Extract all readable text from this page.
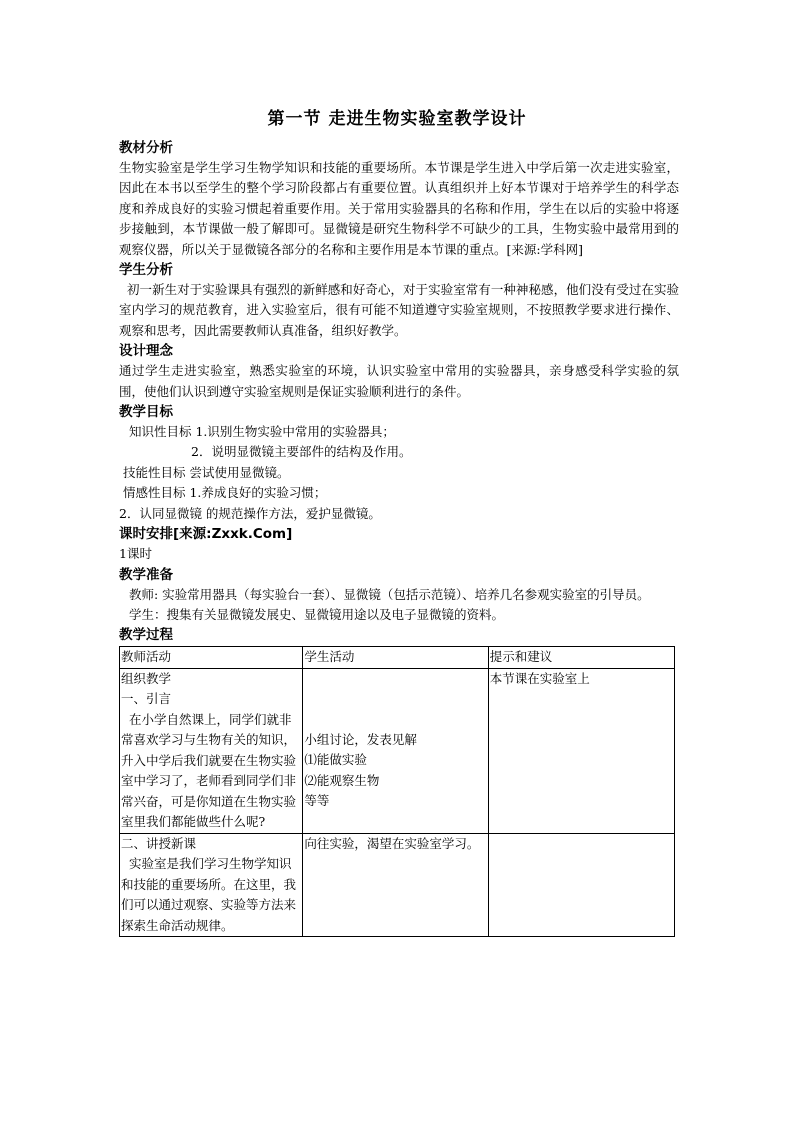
第一节 走进生物实验室教学设计
教材分析
生物实验室是学生学习生物学知识和技能的重要场所。本节课是学生进入中学后第一次走进实验室，因此在本书以至学生的整个学习阶段都占有重要位置。认真组织并上好本节课对于培养学生的科学态度和养成良好的实验习惯起着重要作用。关于常用实验器具的名称和作用，学生在以后的实验中将逐步接触到，本节课做一般了解即可。显微镜是研究生物科学不可缺少的工具，生物实验中最常用到的观察仪器，所以关于显微镜各部分的名称和主要作用是本节课的重点。[来源:学科网]
学生分析
初一新生对于实验课具有强烈的新鲜感和好奇心，对于实验室常有一种神秘感，他们没有受过在实验室内学习的规范教育，进入实验室后，很有可能不知道遵守实验室规则，不按照教学要求进行操作、观察和思考，因此需要教师认真准备，组织好教学。
设计理念
通过学生走进实验室，熟悉实验室的环境，认识实验室中常用的实验器具，亲身感受科学实验的氛围，使他们认识到遵守实验室规则是保证实验顺利进行的条件。
教学目标
知识性目标 1.识别生物实验中常用的实验器具；
2．说明显微镜主要部件的结构及作用。
技能性目标 尝试使用显微镜。
情感性目标 1.养成良好的实验习惯；
2．认同显微镜 的规范操作方法，爱护显微镜。
课时安排[来源:Zxxk.Com]
1课时
教学准备
教师: 实验常用器具（每实验台一套）、显微镜（包括示范镜）、培养几名参观实验室的引导员。
学生：搜集有关显微镜发展史、显微镜用途以及电子显微镜的资料。
教学过程
教师活动	学生活动	提示和建议

组织教学
一、引言
在小学自然课上，同学们就非常喜欢学习与生物有关的知识，升入中学后我们就要在生物实验室中学习了，老师看到同学们非常兴奋，可是你知道在生物实验室里我们都能做些什么呢?	小组讨论，发表见解
⑴能做实验
⑵能观察生物
等等	本节课在实验室上

二、讲授新课
实验室是我们学习生物学知识和技能的重要场所。在这里，我们可以通过观察、实验等方法来探索生命活动规律。	向往实验，渴望在实验室学习。	
